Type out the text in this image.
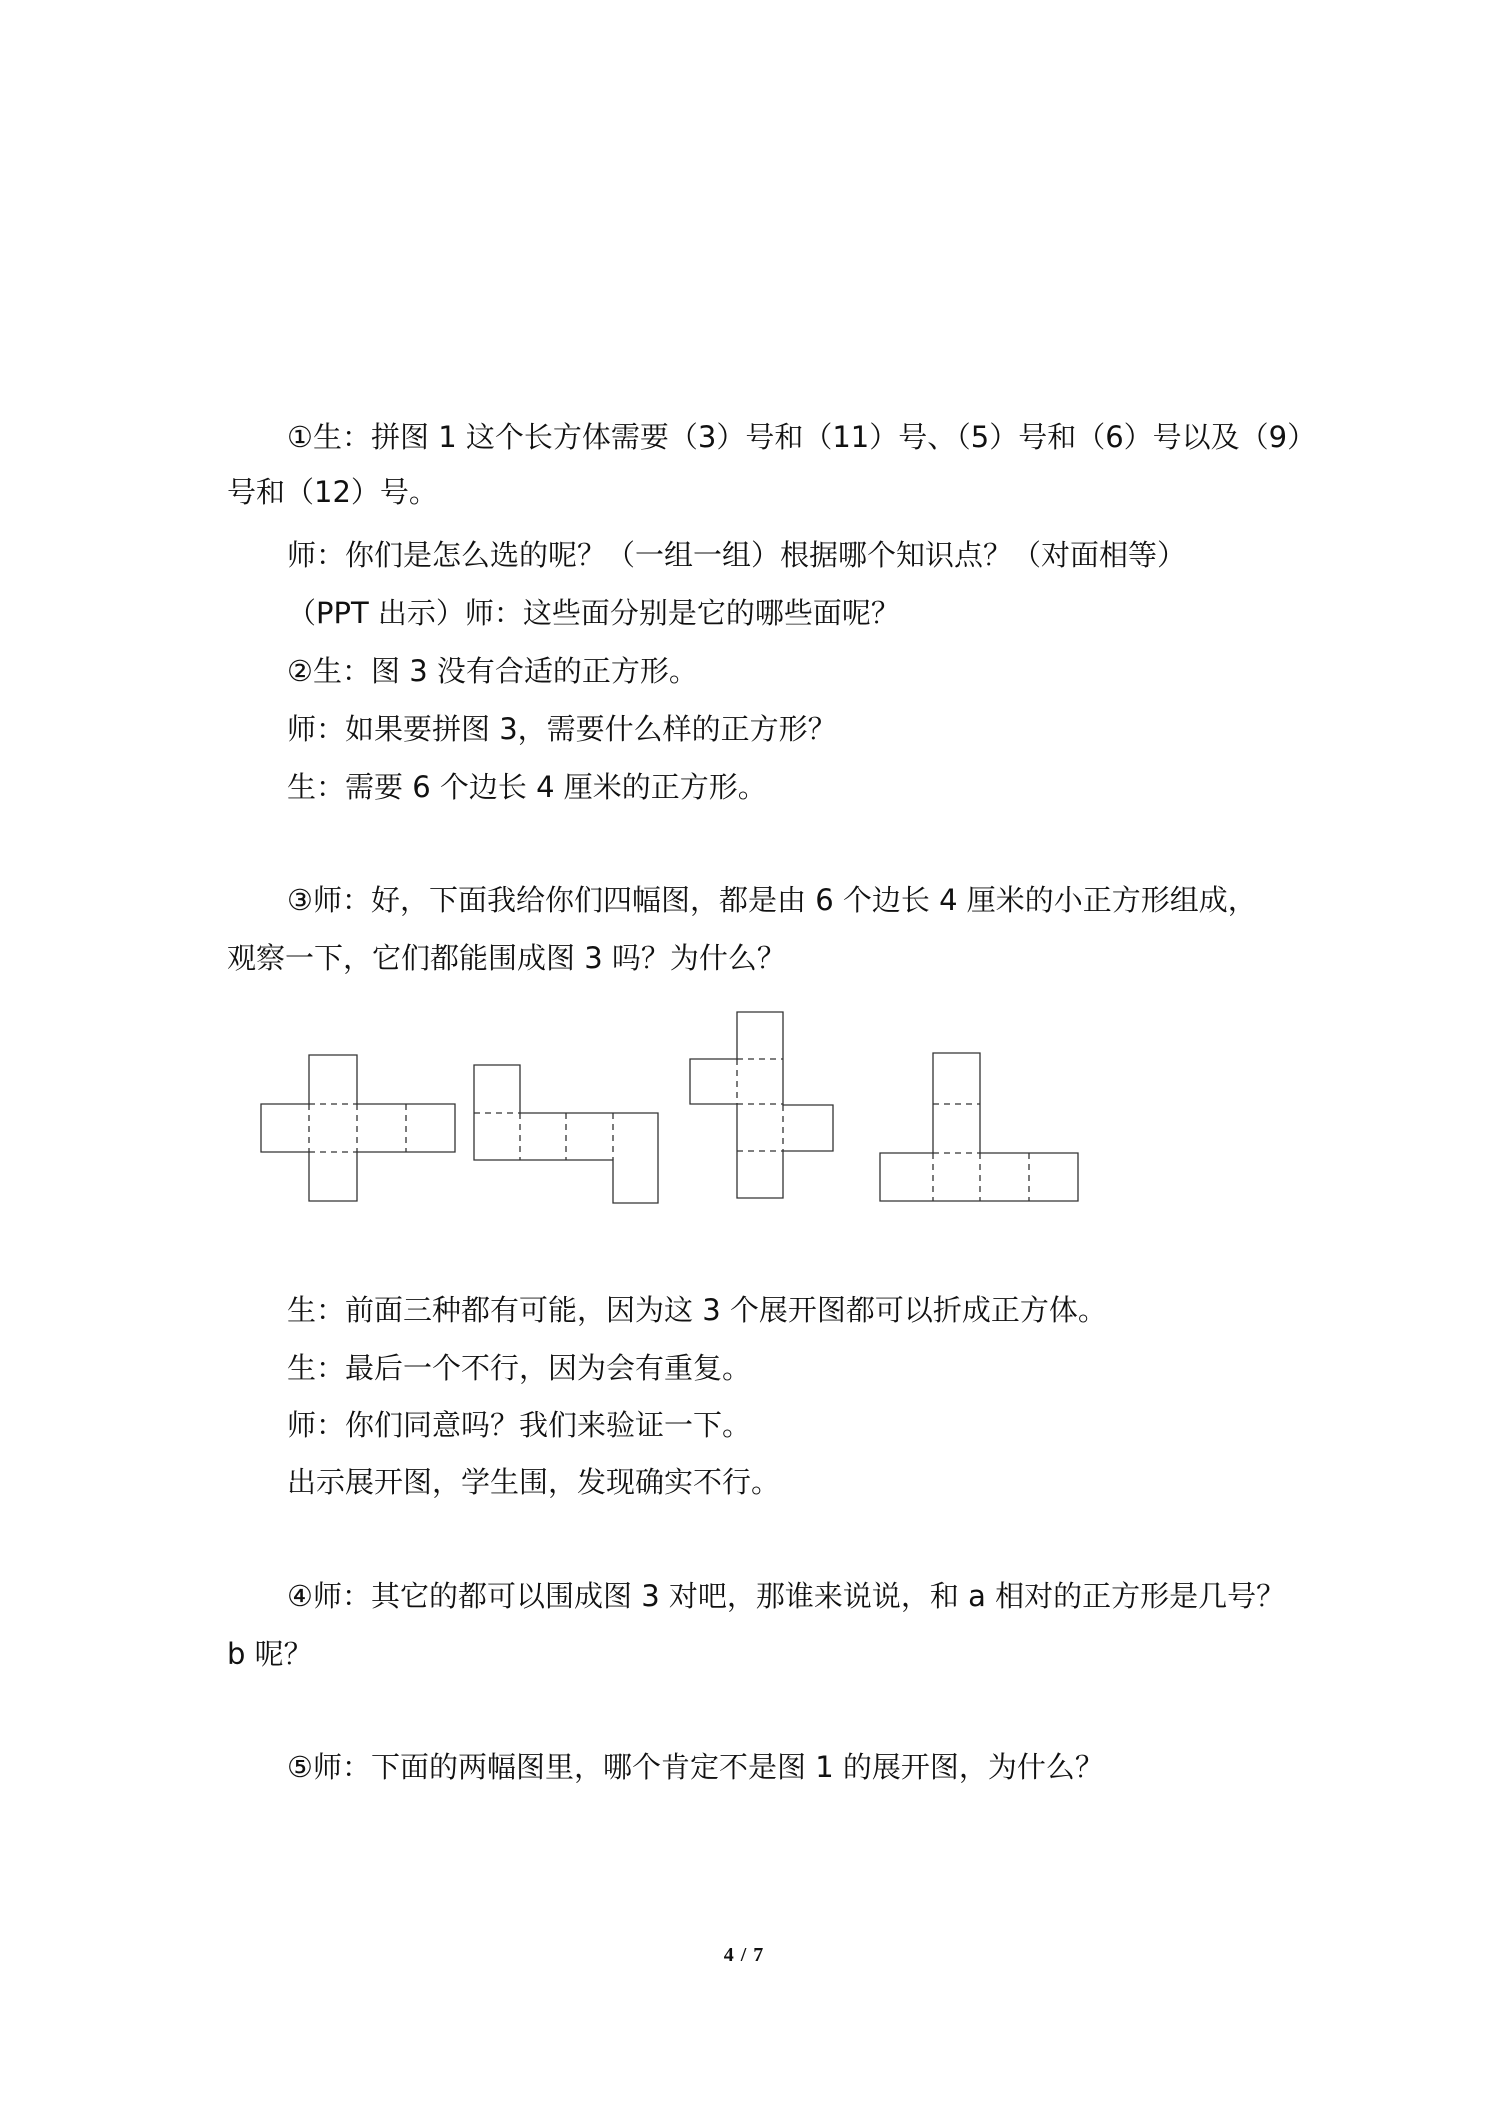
①生：拼图 1 这个长方体需要（3）号和（11）号、（5）号和（6）号以及（9）
号和（12）号。
师：你们是怎么选的呢？（一组一组）根据哪个知识点？（对面相等）
（PPT 出示）师：这些面分别是它的哪些面呢？
②生：图 3 没有合适的正方形。
师：如果要拼图 3，需要什么样的正方形？
生：需要 6 个边长 4 厘米的正方形。
③师：好，下面我给你们四幅图，都是由 6 个边长 4 厘米的小正方形组成，
观察一下，它们都能围成图 3 吗？为什么？
生：前面三种都有可能，因为这 3 个展开图都可以折成正方体。
生：最后一个不行，因为会有重复。
师：你们同意吗？我们来验证一下。
出示展开图，学生围，发现确实不行。
④师：其它的都可以围成图 3 对吧，那谁来说说，和 a 相对的正方形是几号？
b 呢？
⑤师：下面的两幅图里，哪个肯定不是图 1 的展开图，为什么？
4 / 7
